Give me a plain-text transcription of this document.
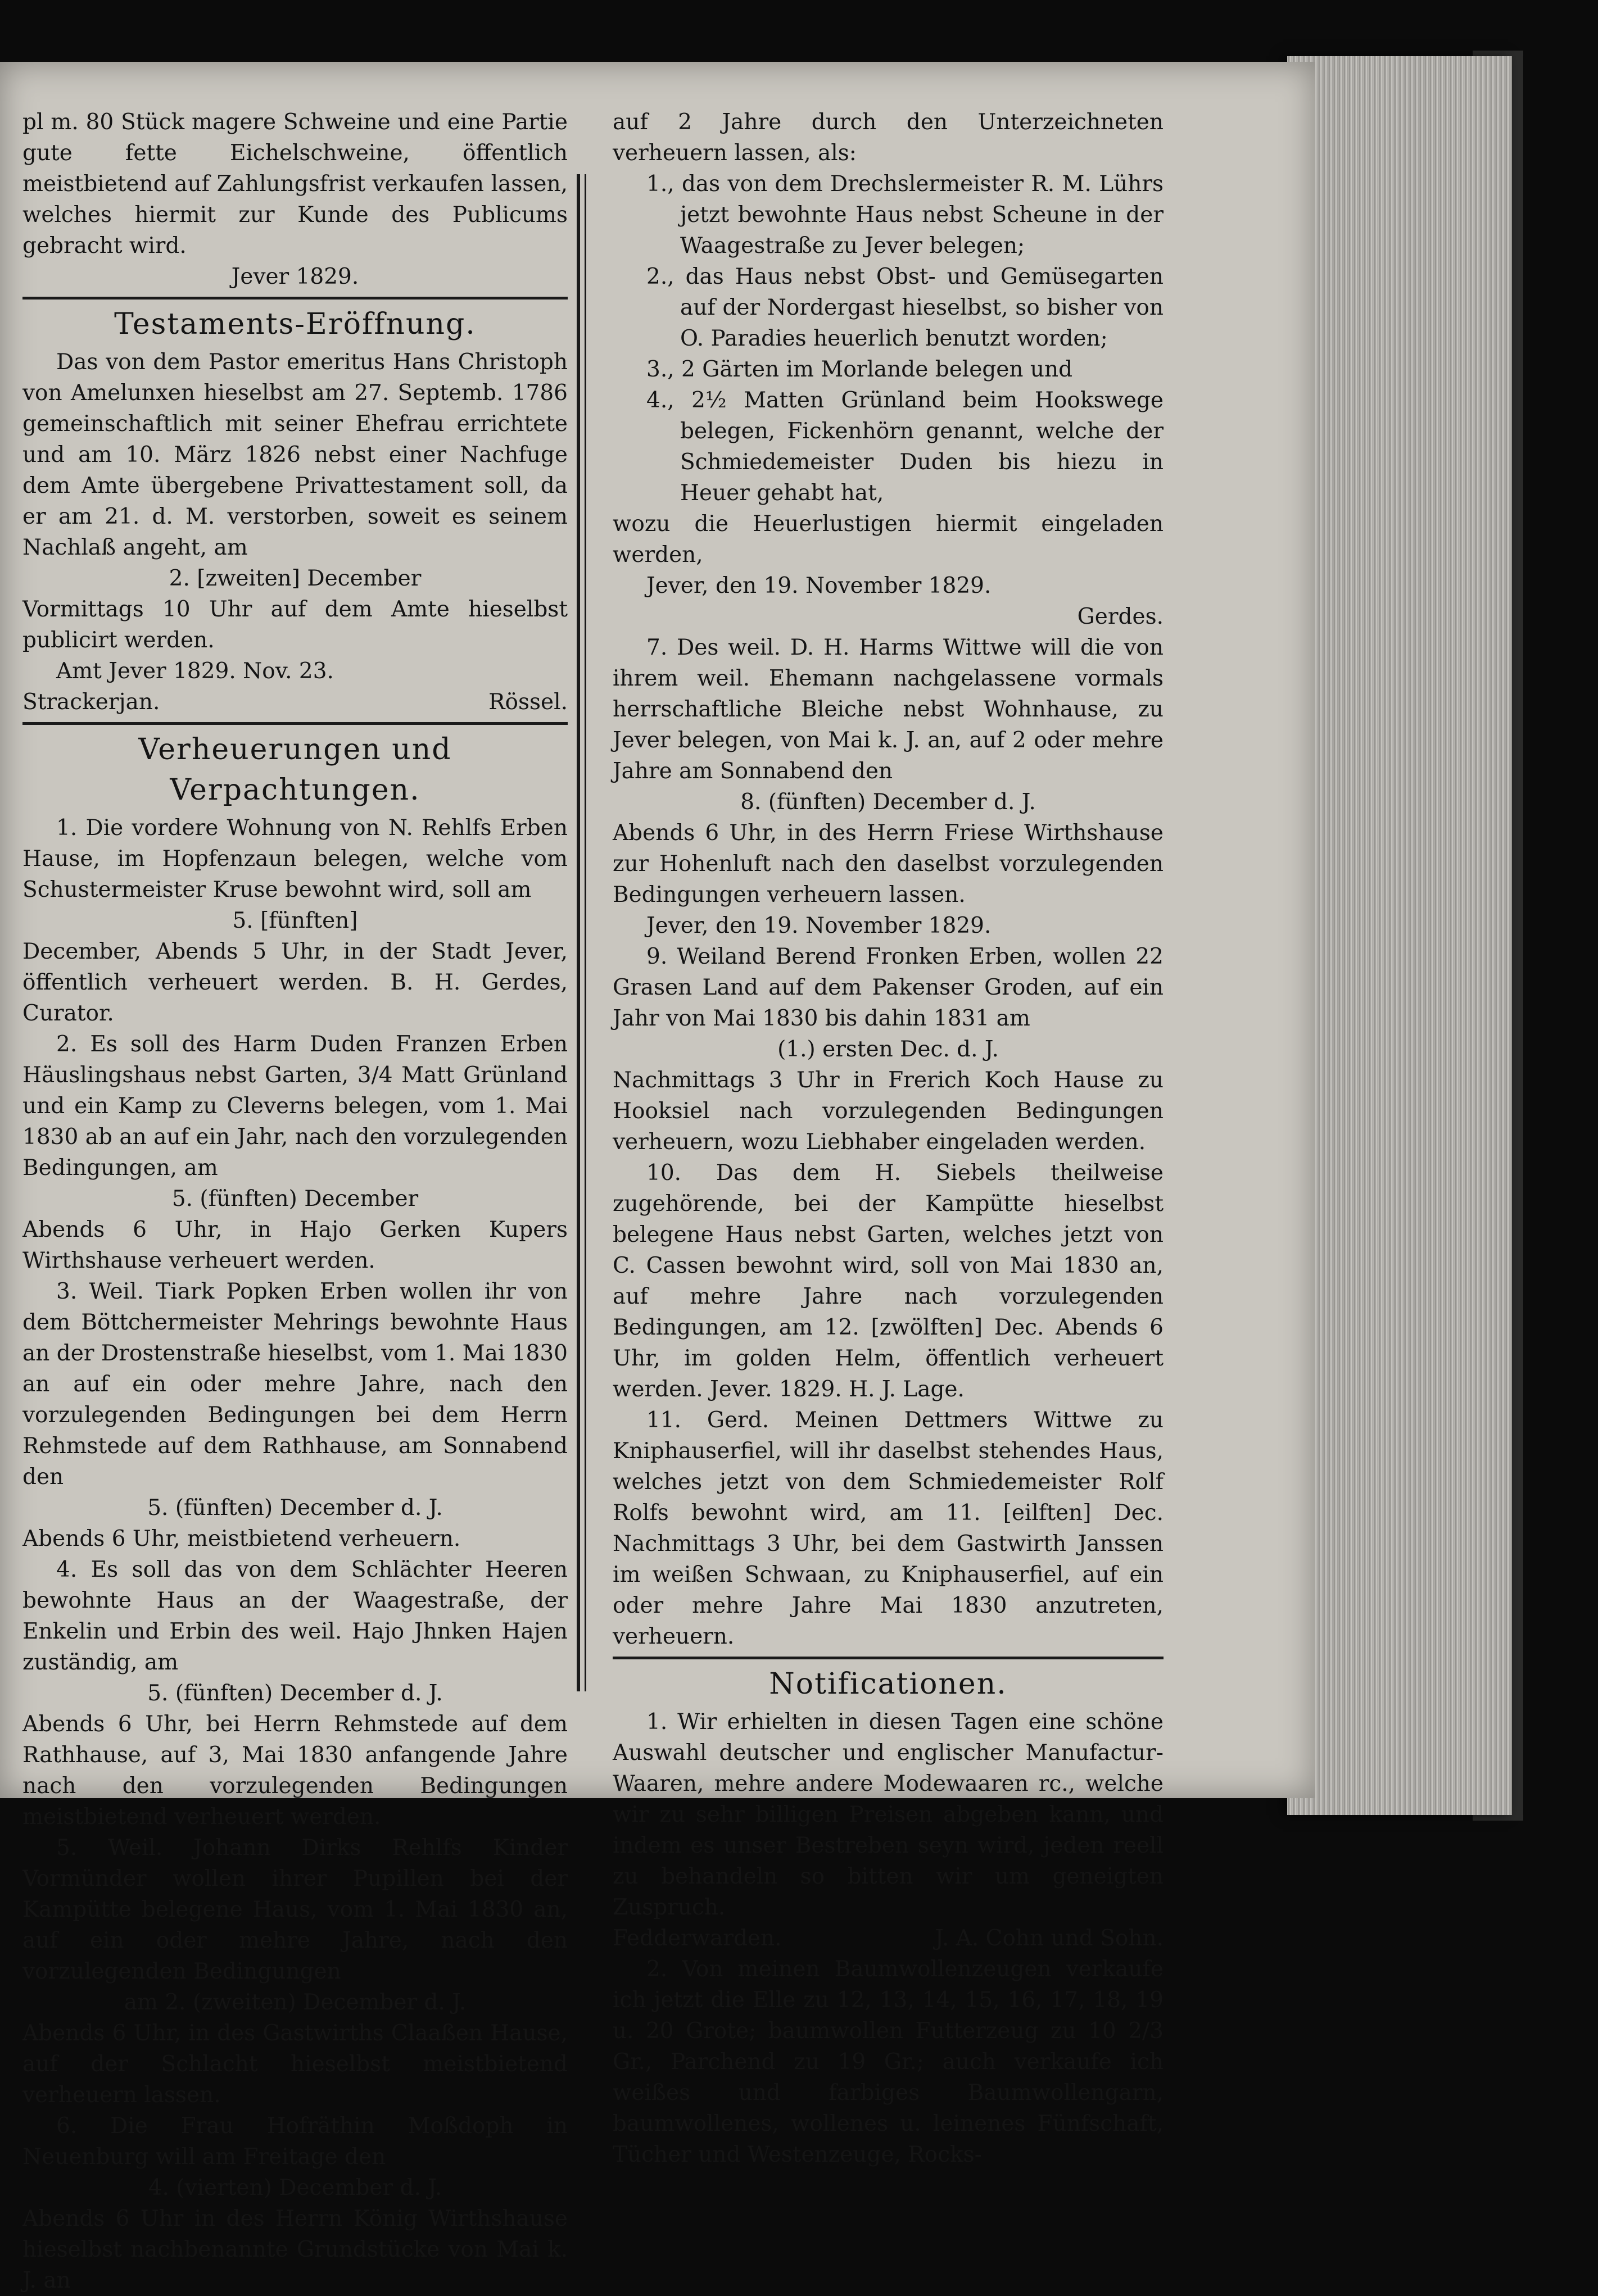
pl m. 80 Stück magere Schweine und eine Partie gute fette Eichelschweine, öffentlich meistbietend auf Zahlungsfrist verkaufen lassen, welches hiermit zur Kunde des Publicums gebracht wird.

Jever 1829.

Testaments-Eröffnung.

Das von dem Pastor emeritus Hans Christoph von Amelunxen hieselbst am 27. Septemb. 1786 gemeinschaftlich mit seiner Ehefrau errichtete und am 10. März 1826 nebst einer Nachfuge dem Amte übergebene Privattestament soll, da er am 21. d. M. verstorben, soweit es seinem Nachlaß angeht, am

2. [zweiten] December

Vormittags 10 Uhr auf dem Amte hieselbst publicirt werden.

Amt Jever 1829. Nov. 23.

Strackerjan.	Rössel.
Verheuerungen und Verpachtungen.

1. Die vordere Wohnung von N. Rehlfs Erben Hause, im Hopfenzaun belegen, welche vom Schustermeister Kruse bewohnt wird, soll am

5. [fünften]

December, Abends 5 Uhr, in der Stadt Jever, öffentlich verheuert werden. B. H. Gerdes, Curator.

2. Es soll des Harm Duden Franzen Erben Häuslingshaus nebst Garten, 3/4 Matt Grünland und ein Kamp zu Cleverns belegen, vom 1. Mai 1830 ab an auf ein Jahr, nach den vorzulegenden Bedingungen, am

5. (fünften) December

Abends 6 Uhr, in Hajo Gerken Kupers Wirthshause verheuert werden.

3. Weil. Tiark Popken Erben wollen ihr von dem Böttchermeister Mehrings bewohnte Haus an der Drostenstraße hieselbst, vom 1. Mai 1830 an auf ein oder mehre Jahre, nach den vorzulegenden Bedingungen bei dem Herrn Rehmstede auf dem Rathhause, am Sonnabend den

5. (fünften) December d. J.

Abends 6 Uhr, meistbietend verheuern.

4. Es soll das von dem Schlächter Heeren bewohnte Haus an der Waagestraße, der Enkelin und Erbin des weil. Hajo Jhnken Hajen zuständig, am

5. (fünften) December d. J.

Abends 6 Uhr, bei Herrn Rehmstede auf dem Rathhause, auf 3, Mai 1830 anfangende Jahre nach den vorzulegenden Bedingungen meistbietend verheuert werden.

5. Weil. Johann Dirks Rehlfs Kinder Vormünder wollen ihrer Pupillen bei der Kampütte belegene Haus, vom 1. Mai 1830 an, auf ein oder mehre Jahre, nach den vorzulegenden Bedingungen

am 2. (zweiten) December d. J.

Abends 6 Uhr, in des Gastwirths Claaßen Hause, auf der Schlacht hieselbst meistbietend verheuern lassen.

6. Die Frau Hofräthin Moßdoph in Neuenburg will am Freitage den

4. (vierten) December d. J.

Abends 6 Uhr in des Herrn König Wirthshause hieselbst nachbenannte Grundstücke von Mai k. J. an

auf 2 Jahre durch den Unterzeichneten verheuern lassen, als:

1., das von dem Drechslermeister R. M. Lührs jetzt bewohnte Haus nebst Scheune in der Waagestraße zu Jever belegen;

2., das Haus nebst Obst- und Gemüsegarten auf der Nordergast hieselbst, so bisher von O. Paradies heuerlich benutzt worden;

3., 2 Gärten im Morlande belegen und

4., 2½ Matten Grünland beim Hookswege belegen, Fickenhörn genannt, welche der Schmiedemeister Duden bis hiezu in Heuer gehabt hat,

wozu die Heuerlustigen hiermit eingeladen werden,

Jever, den 19. November 1829.

Gerdes.

7. Des weil. D. H. Harms Wittwe will die von ihrem weil. Ehemann nachgelassene vormals herrschaftliche Bleiche nebst Wohnhause, zu Jever belegen, von Mai k. J. an, auf 2 oder mehre Jahre am Sonnabend den

8. (fünften) December d. J.

Abends 6 Uhr, in des Herrn Friese Wirthshause zur Hohenluft nach den daselbst vorzulegenden Bedingungen verheuern lassen.

Jever, den 19. November 1829.

9. Weiland Berend Fronken Erben, wollen 22 Grasen Land auf dem Pakenser Groden, auf ein Jahr von Mai 1830 bis dahin 1831 am

(1.) ersten Dec. d. J.

Nachmittags 3 Uhr in Frerich Koch Hause zu Hooksiel nach vorzulegenden Bedingungen verheuern, wozu Liebhaber eingeladen werden.

10. Das dem H. Siebels theilweise zugehörende, bei der Kampütte hieselbst belegene Haus nebst Garten, welches jetzt von C. Cassen bewohnt wird, soll von Mai 1830 an, auf mehre Jahre nach vorzulegenden Bedingungen, am 12. [zwölften] Dec. Abends 6 Uhr, im golden Helm, öffentlich verheuert werden. Jever. 1829. H. J. Lage.

11. Gerd. Meinen Dettmers Wittwe zu Kniphauserfiel, will ihr daselbst stehendes Haus, welches jetzt von dem Schmiedemeister Rolf Rolfs bewohnt wird, am 11. [eilften] Dec. Nachmittags 3 Uhr, bei dem Gastwirth Janssen im weißen Schwaan, zu Kniphauserfiel, auf ein oder mehre Jahre Mai 1830 anzutreten, verheuern.

Notificationen.

1. Wir erhielten in diesen Tagen eine schöne Auswahl deutscher und englischer Manufactur-Waaren, mehre andere Modewaaren rc., welche wir zu sehr billigen Preisen abgeben kann, und indem es unser Bestreben seyn wird, jeden reell zu behandeln so bitten wir um geneigten Zuspruch.

Fedderwarden.	J. A. Cohn und Sohn.

2. Von meinen Baumwollenzeugen verkaufe ich jetzt die Elle zu 12, 13, 14, 15, 16, 17, 18, 19 u. 20 Grote; baumwollen Futterzeug zu 10 2/3 Gr., Parchend zu 19 Gr.; auch verkaufe ich weißes und farbiges Baumwollengarn, baumwollenes, wollenes u. leinenes Fünfschaft, Tücher und Westenzeuge, Rocks-
